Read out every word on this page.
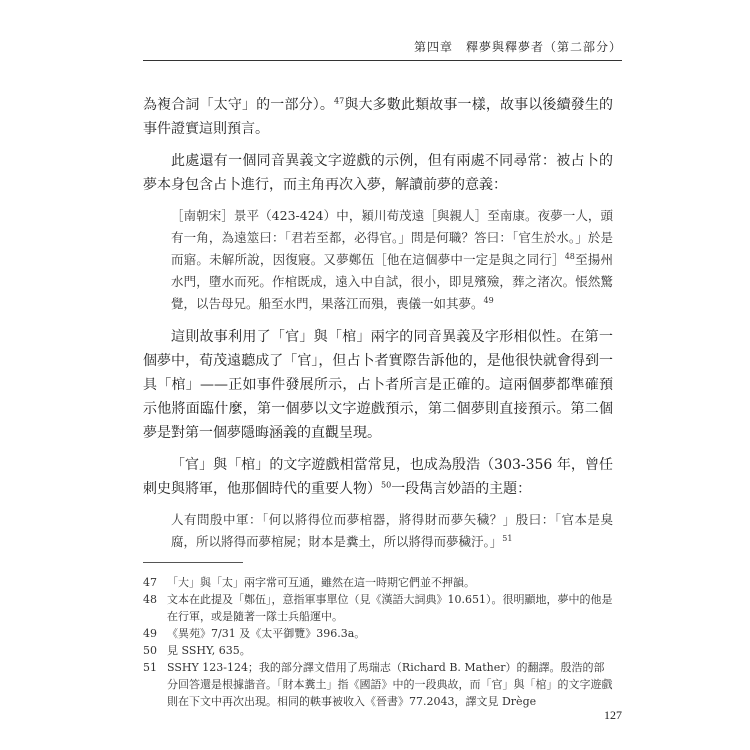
第四章　釋夢與釋夢者（第二部分）

為複合詞「太守」的一部分）。$^{47}$與大多數此類故事一樣，故事以後續發生的事件證實這則預言。

此處還有一個同音異義文字遊戲的示例，但有兩處不同尋常：被占卜的夢本身包含占卜進行，而主角再次入夢，解讀前夢的意義：

［南朝宋］景平（423-424）中，潁川荀茂遠［與親人］至南康。夜夢一人，頭有一角，為遠筮曰：「君若至都，必得官。」問是何職？答曰：「官生於水。」於是而寤。未解所說，因復寢。又夢鄭伍［他在這個夢中一定是與之同行］$^{48}$至揚州水門，墮水而死。作棺既成，遠入中自試，很小，即見殯殮，葬之渚次。悵然驚覺，以告母兄。船至水門，果落江而殞，喪儀一如其夢。$^{49}$

這則故事利用了「官」與「棺」兩字的同音異義及字形相似性。在第一個夢中，荀茂遠聽成了「官」，但占卜者實際告訴他的，是他很快就會得到一具「棺」——正如事件發展所示，占卜者所言是正確的。這兩個夢都準確預示他將面臨什麼，第一個夢以文字遊戲預示，第二個夢則直接預示。第二個夢是對第一個夢隱晦涵義的直觀呈現。

「官」與「棺」的文字遊戲相當常見，也成為殷浩（303-356 年，曾任刺史與將軍，他那個時代的重要人物）$^{50}$一段雋言妙語的主題：

人有問殷中軍：「何以將得位而夢棺器，將得財而夢矢穢？」殷曰：「官本是臭腐，所以將得而夢棺屍；財本是糞土，所以將得而夢穢汙。」$^{51}$
47 「大」與「太」兩字常可互通，雖然在這一時期它們並不押韻。
48 文本在此提及「鄭伍」，意指軍事單位（見《漢語大詞典》10.651）。很明顯地，夢中的他是在行軍，或是隨著一隊士兵船運中。
49 《異苑》7/31 及《太平御覽》396.3a。
50 見 SSHY, 635。
51 SSHY 123-124；我的部分譯文借用了馬瑞志（Richard B. Mather）的翻譯。殷浩的部分回答還是根據諧音。「財本糞土」指《國語》中的一段典故，而「官」與「棺」的文字遊戲則在下文中再次出現。相同的軼事被收入《晉書》77.2043，譯文見 Drège
127
